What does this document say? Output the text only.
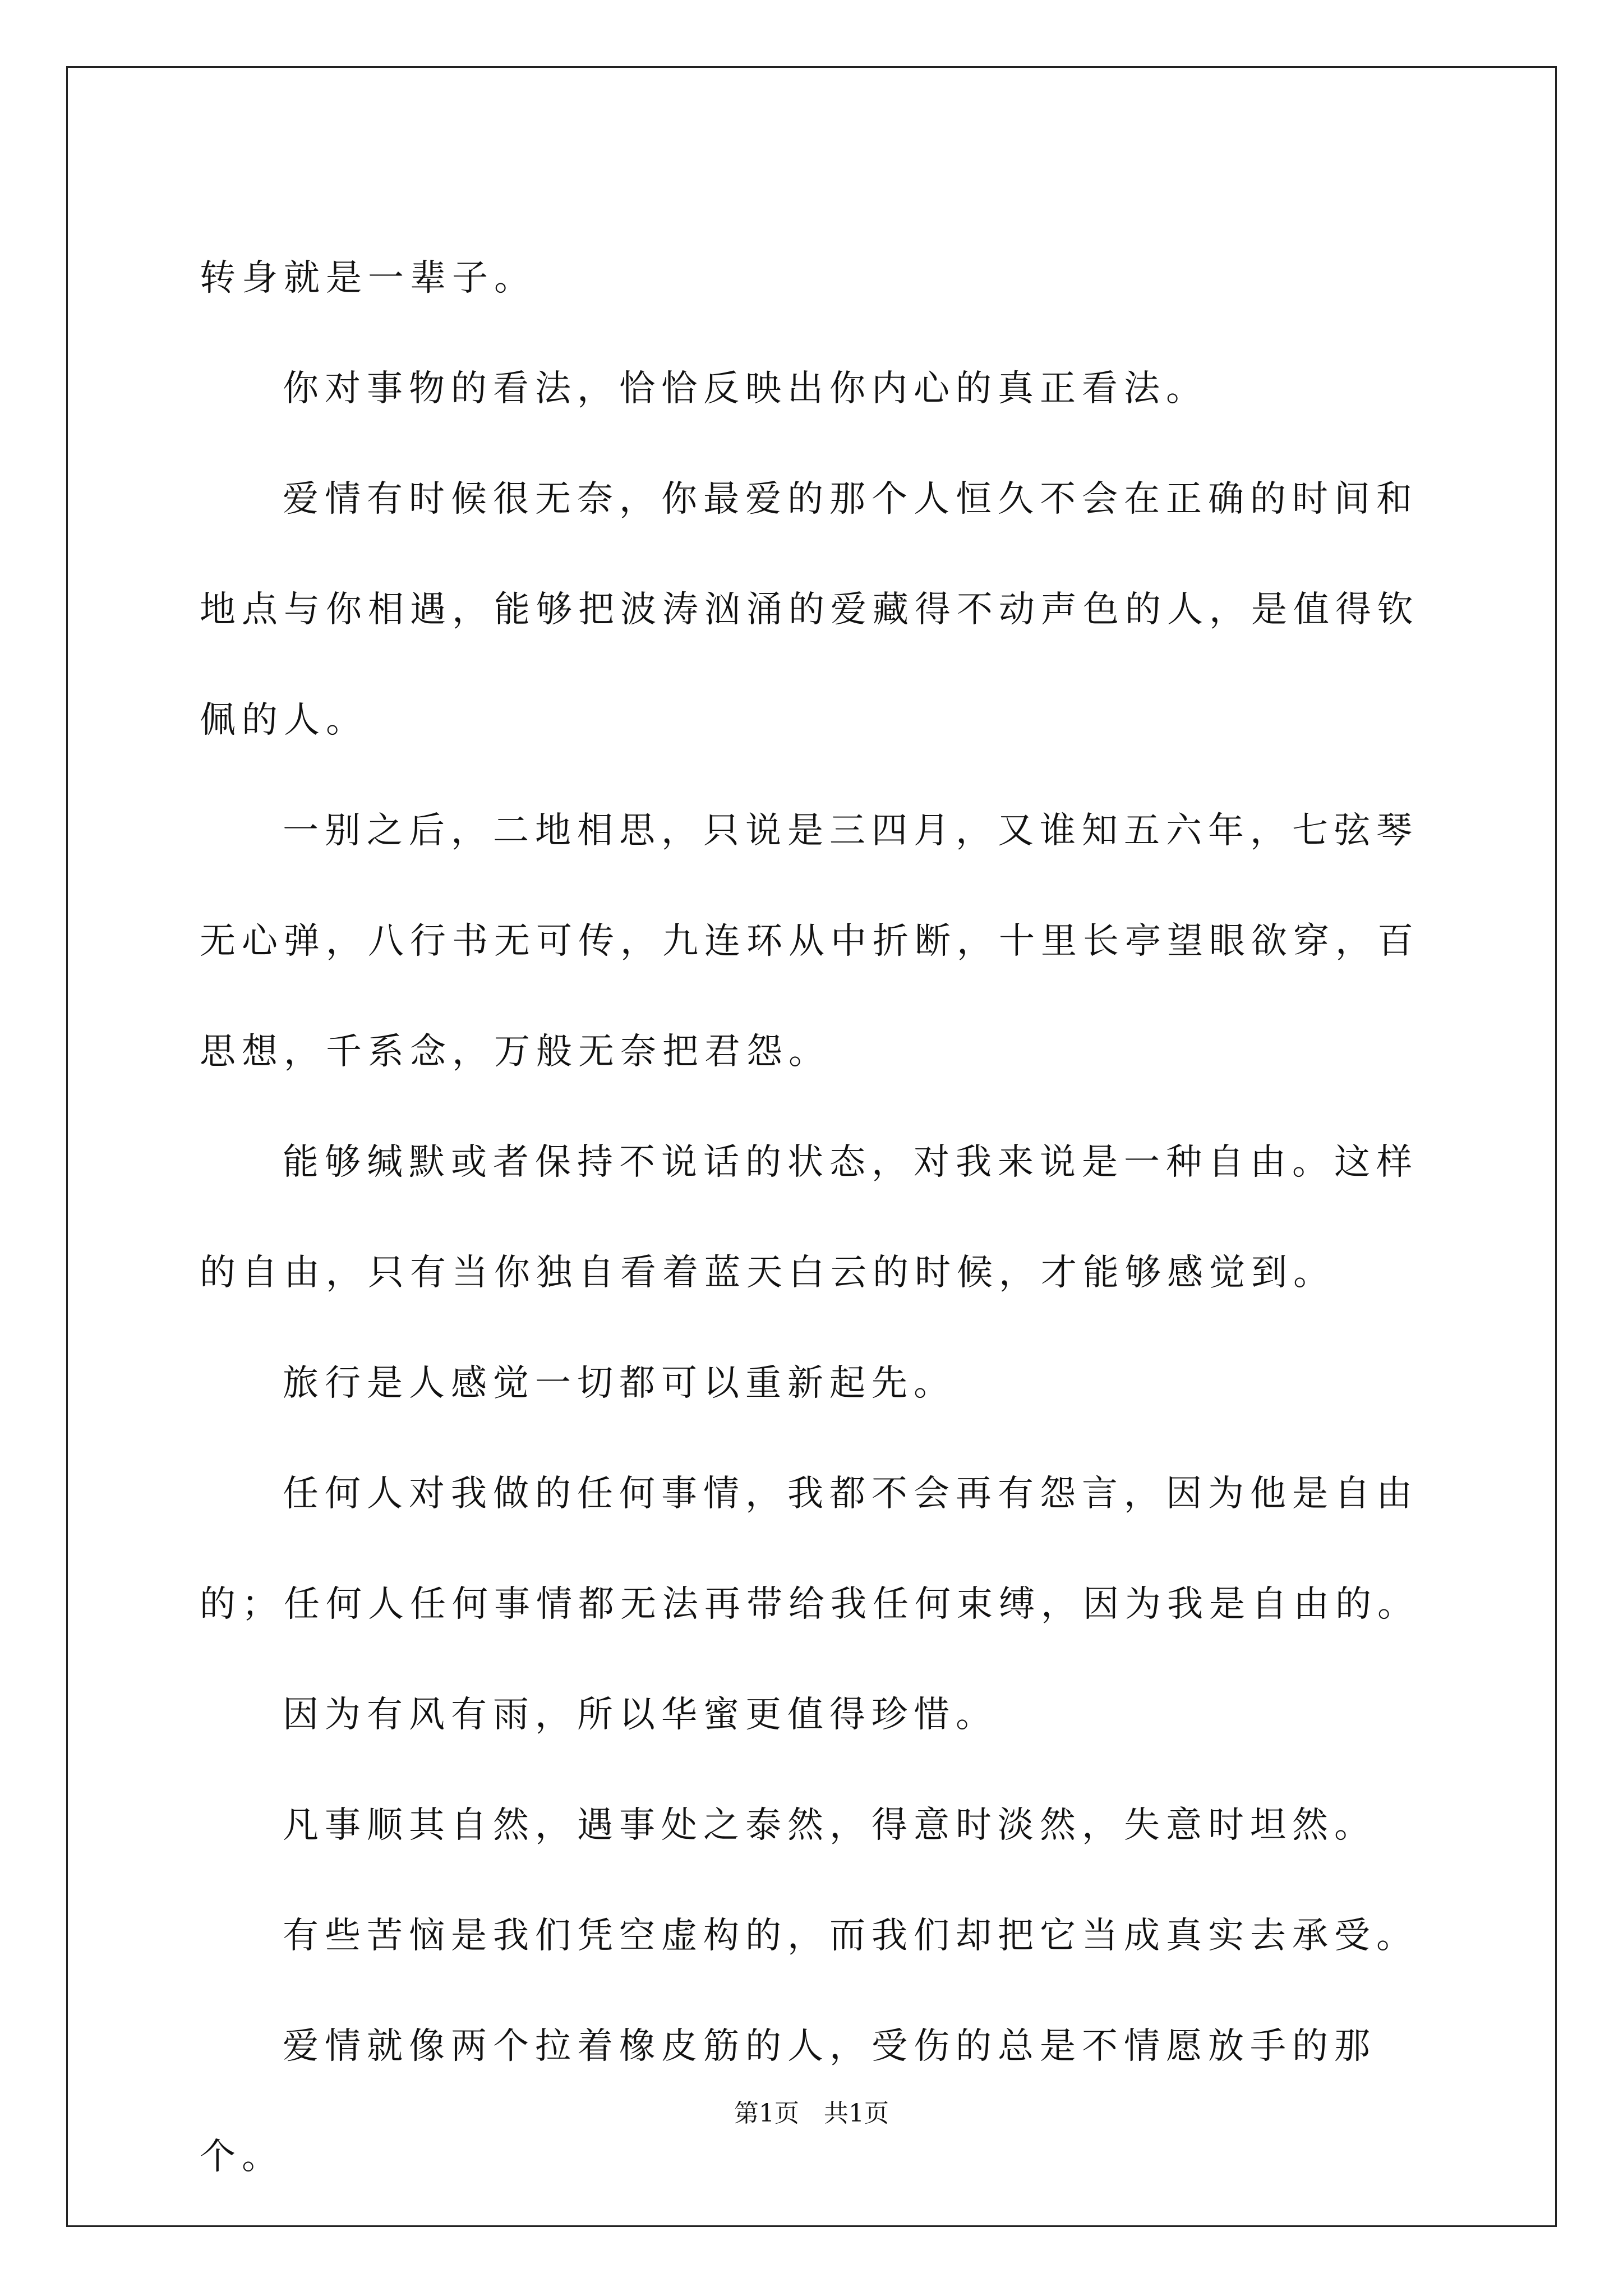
转身就是一辈子。

你对事物的看法，恰恰反映出你内心的真正看法。

爱情有时候很无奈，你最爱的那个人恒久不会在正确的时间和地点与你相遇，能够把波涛汹涌的爱藏得不动声色的人，是值得钦佩的人。

一别之后，二地相思，只说是三四月，又谁知五六年，七弦琴无心弹，八行书无可传，九连环从中折断，十里长亭望眼欲穿，百思想，千系念，万般无奈把君怨。

能够缄默或者保持不说话的状态，对我来说是一种自由。这样的自由，只有当你独自看着蓝天白云的时候，才能够感觉到。

旅行是人感觉一切都可以重新起先。

任何人对我做的任何事情，我都不会再有怨言，因为他是自由的；任何人任何事情都无法再带给我任何束缚，因为我是自由的。

因为有风有雨，所以华蜜更值得珍惜。

凡事顺其自然，遇事处之泰然，得意时淡然，失意时坦然。

有些苦恼是我们凭空虚构的，而我们却把它当成真实去承受。

爱情就像两个拉着橡皮筋的人，受伤的总是不情愿放手的那个。

第1页 共1页
